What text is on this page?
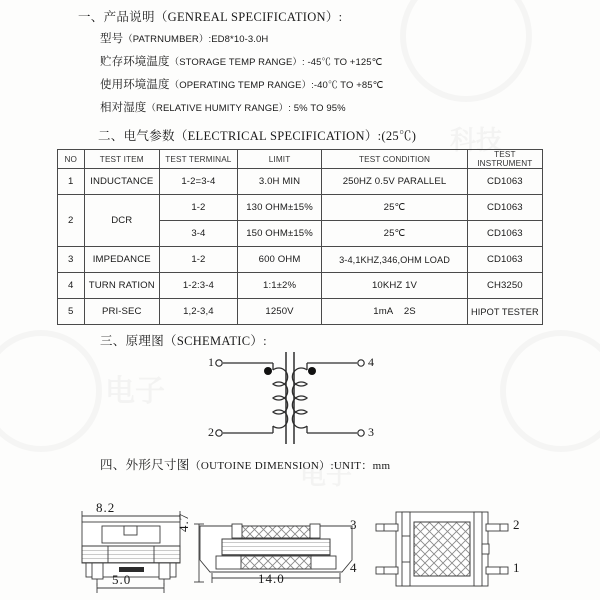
一、产品说明（GENREAL SPECIFICATION）:
型号（PATRNUMBER）:ED8*10-3.0H
贮存环境温度（STORAGE TEMP RANGE）: -45℃ TO +125℃
使用环境温度（OPERATING TEMP RANGE）:-40℃ TO +85℃
相对湿度（RELATIVE HUMITY RANGE）: 5% TO 95%
二、电气参数（ELECTRICAL SPECIFICATION）:(25℃)
NO	TEST ITEM	TEST TERMINAL	LIMIT	TEST CONDITION	TEST INSTRUMENT
1	INDUCTANCE	1-2=3-4	3.0H MIN	250HZ 0.5V PARALLEL	CD1063
2	DCR	1-2	130 OHM±15%	25℃	CD1063
		3-4	150 OHM±15%	25℃	CD1063
3	IMPEDANCE	1-2	600 OHM	3-4,1KHZ,346,OHM LOAD	CD1063
4	TURN RATION	1-2:3-4	1:1±2%	10KHZ 1V	CH3250
5	PRI-SEC	1,2-3,4	1250V	1mA    2S	HIPOT TESTER
三、原理图（SCHEMATIC）:
1
2
4
3
四、外形尺寸图（OUTOINE DIMENSION）:UNIT：mm
8.2
5.0
4.7
14.0
3
4
2
1
